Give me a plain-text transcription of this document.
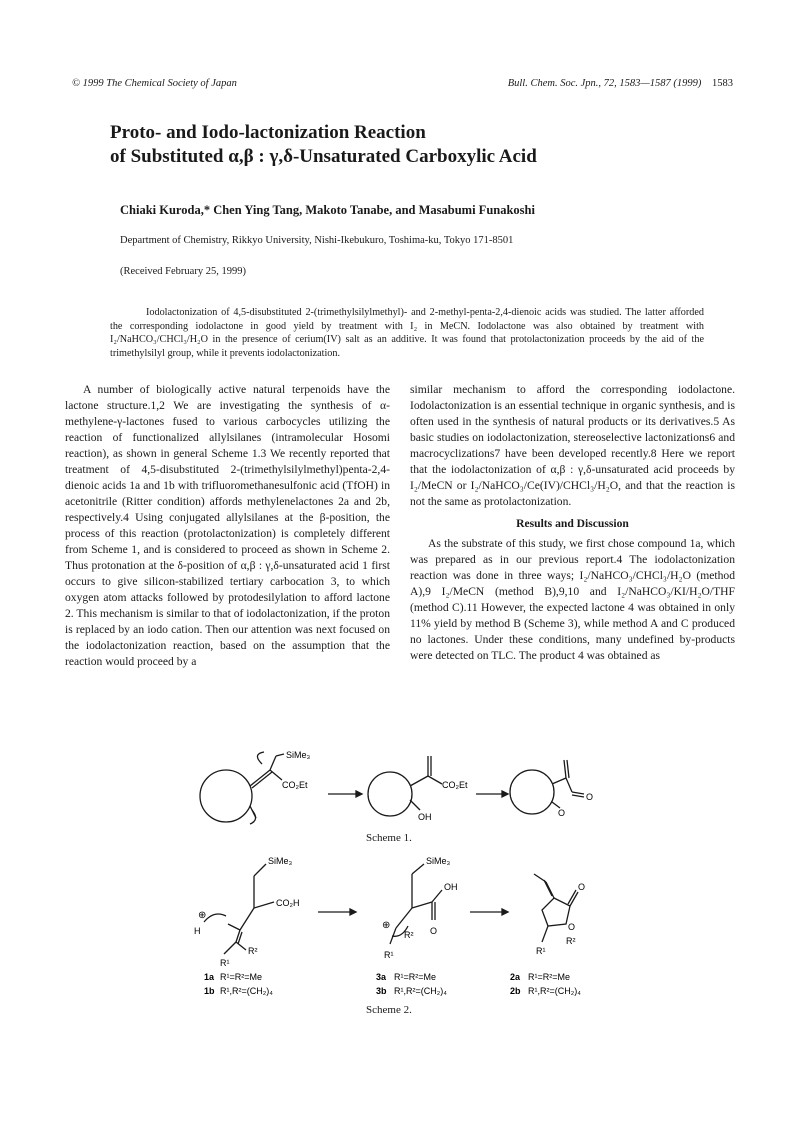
© 1999 The Chemical Society of Japan	Bull. Chem. Soc. Jpn., 72, 1583—1587 (1999) 1583
Proto- and Iodo-lactonization Reaction
of Substituted α,β : γ,δ-Unsaturated Carboxylic Acid
Chiaki Kuroda,* Chen Ying Tang, Makoto Tanabe, and Masabumi Funakoshi
Department of Chemistry, Rikkyo University, Nishi-Ikebukuro, Toshima-ku, Tokyo 171-8501
(Received February 25, 1999)
Iodolactonization of 4,5-disubstituted 2-(trimethylsilylmethyl)- and 2-methyl-penta-2,4-dienoic acids was studied. The latter afforded the corresponding iodolactone in good yield by treatment with I₂ in MeCN. Iodolactone was also obtained by treatment with I₂/NaHCO₃/CHCl₃/H₂O in the presence of cerium(IV) salt as an additive. It was found that protolactonization proceeds by the aid of the trimethylsilyl group, while it prevents iodolactonization.

A number of biologically active natural terpenoids have the lactone structure.1,2 We are investigating the synthesis of α-methylene-γ-lactones fused to various carbocycles utilizing the reaction of functionalized allylsilanes (intramolecular Hosomi reaction), as shown in general Scheme 1.3 We recently reported that treatment of 4,5-disubstituted 2-(trimethylsilylmethyl)penta-2,4-dienoic acids 1a and 1b with trifluoromethanesulfonic acid (TfOH) in acetonitrile (Ritter condition) affords methylenelactones 2a and 2b, respectively.4 Using conjugated allylsilanes at the β-position, the process of this reaction (protolactonization) is completely different from Scheme 1, and is considered to proceed as shown in Scheme 2. Thus protonation at the δ-position of α,β : γ,δ-unsaturated acid 1 first occurs to give silicon-stabilized tertiary carbocation 3, to which oxygen atom attacks followed by protodesilylation to afford lactone 2. This mechanism is similar to that of iodolactonization, if the proton is replaced by an iodo cation. Then our attention was next focused on the iodolactonization reaction, based on the assumption that the reaction would proceed by a

similar mechanism to afford the corresponding iodolactone. Iodolactonization is an essential technique in organic synthesis, and is often used in the synthesis of natural products or its derivatives.5 As basic studies on iodolactonization, stereoselective lactonizations6 and macrocyclizations7 have been developed recently.8 Here we report that the iodolactonization of α,β : γ,δ-unsaturated acid proceeds by I₂/MeCN or I₂/NaHCO₃/Ce(IV)/CHCl₃/H₂O, and that the reaction is not the same as protolactonization.

Results and Discussion

As the substrate of this study, we first chose compound 1a, which was prepared as in our previous report.4 The iodolactonization reaction was done in three ways; I₂/NaHCO₃/CHCl₃/H₂O (method A),9 I₂/MeCN (method B),9,10 and I₂/NaHCO₃/KI/H₂O/THF (method C).11 However, the expected lactone 4 was obtained in only 11% yield by method B (Scheme 3), while method A and C produced no lactones. Under these conditions, many undefined by-products were detected on TLC. The product 4 was obtained as

SiMe₃
CO₂Et	CO₂Et
OH	O
O
Scheme 1.
SiMe₃
CO₂H
H
⊕
R¹
R²
SiMe₃
OH
O
⊕
R¹
R²
O
O
R¹
R²
1a R¹=R²=Me
1b R¹,R²=(CH₂)₄
3a R¹=R²=Me
3b R¹,R²=(CH₂)₄
2a R¹=R²=Me
2b R¹,R²=(CH₂)₄
Scheme 2.
